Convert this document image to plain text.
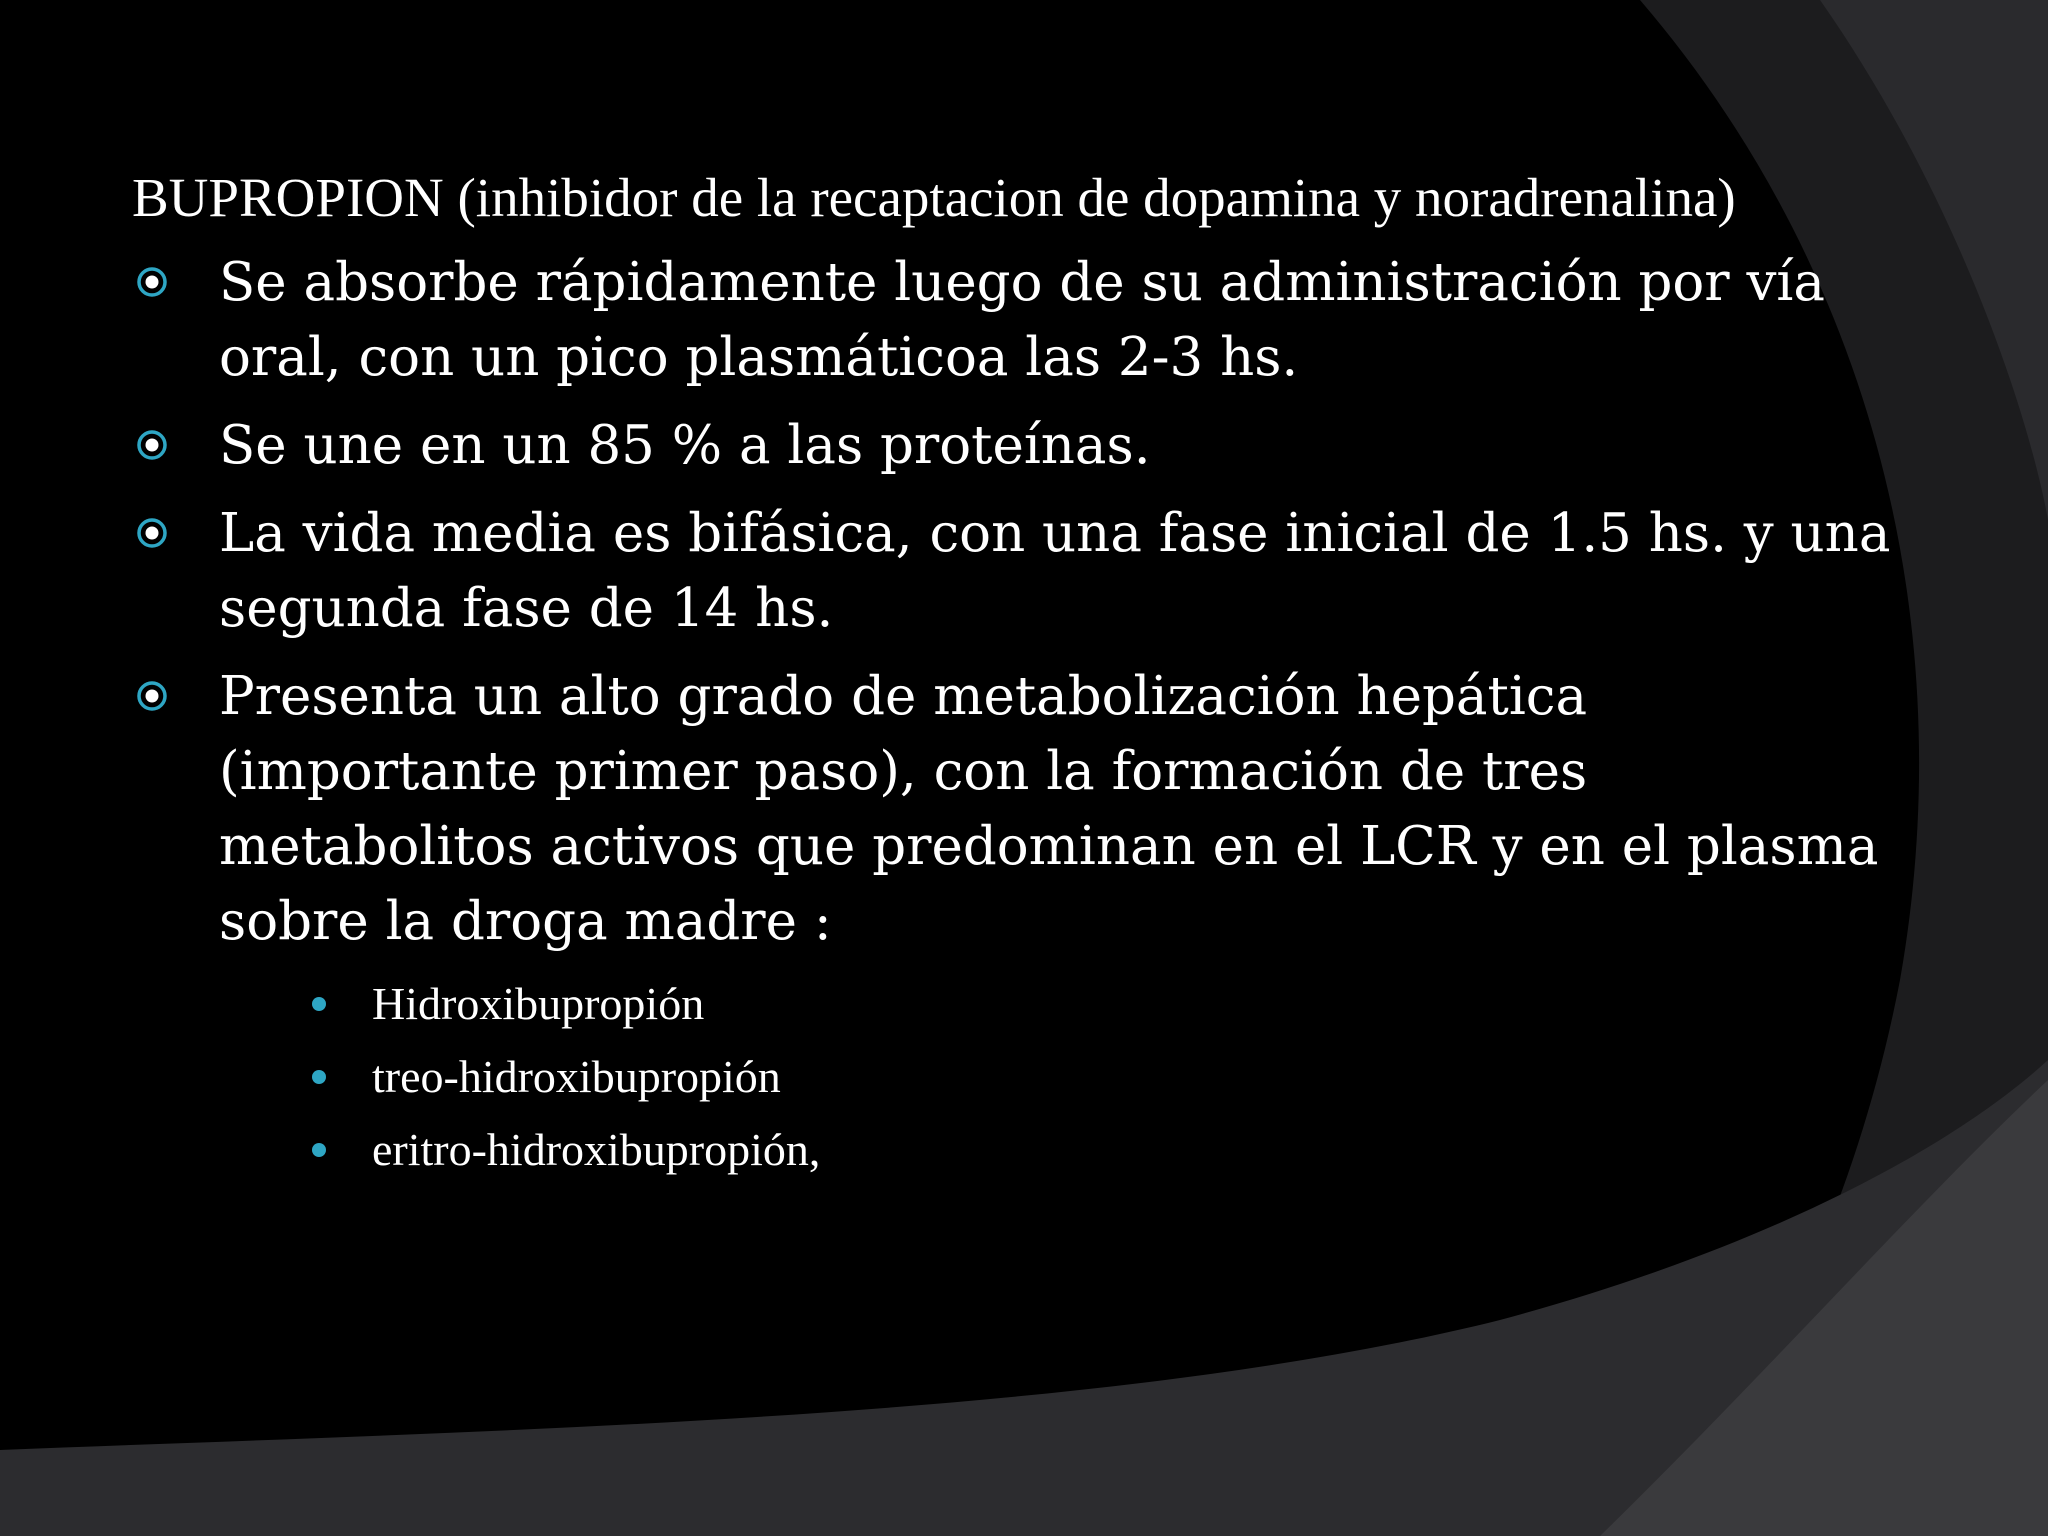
BUPROPION (inhibidor de la recaptacion de dopamina y noradrenalina)

Se absorbe rápidamente luego de su administración por vía oral, con un pico plasmáticoa las 2-3 hs.
Se une en un 85 % a las proteínas.
La vida media es bifásica, con una fase inicial de 1.5 hs. y una segunda fase de 14 hs.
Presenta un alto grado de metabolización hepática (importante primer paso), con la formación de tres metabolitos activos que predominan en el LCR y en el plasma sobre la droga madre :
Hidroxibupropión
treo-hidroxibupropión
eritro-hidroxibupropión,
